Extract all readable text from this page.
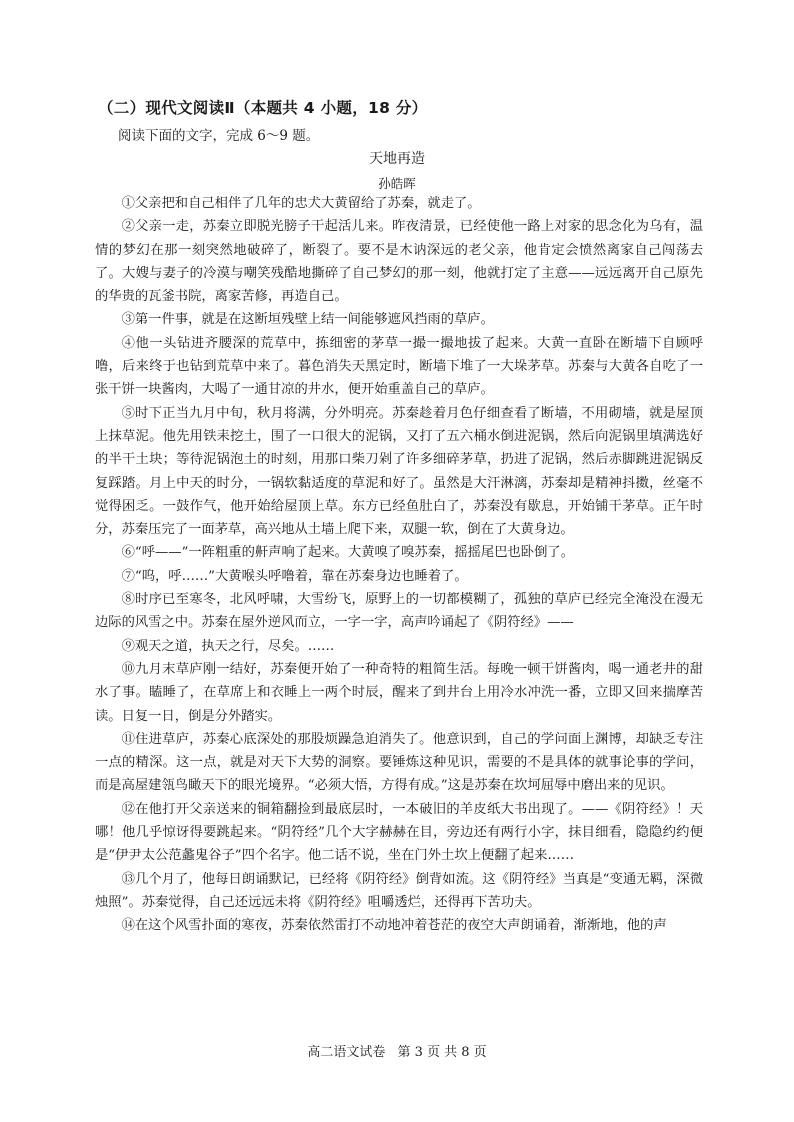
（二）现代文阅读Ⅱ（本题共 4 小题，18 分）
阅读下面的文字，完成 6～9 题。
天地再造
孙皓晖

①父亲把和自己相伴了几年的忠犬大黄留给了苏秦，就走了。

②父亲一走，苏秦立即脱光膀子干起活儿来。昨夜清景，已经使他一路上对家的思念化为乌有，温情的梦幻在那一刻突然地破碎了，断裂了。要不是木讷深远的老父亲，他肯定会愤然离家自己闯荡去了。大嫂与妻子的冷漠与嘲笑残酷地撕碎了自己梦幻的那一刻，他就打定了主意——远远离开自己原先的华贵的瓦釜书院，离家苦修，再造自己。

③第一件事，就是在这断垣残壁上结一间能够遮风挡雨的草庐。

④他一头钻进齐腰深的荒草中，拣细密的茅草一撮一撮地拔了起来。大黄一直卧在断墙下自顾呼噜，后来终于也钻到荒草中来了。暮色消失天黑定时，断墙下堆了一大垛茅草。苏秦与大黄各自吃了一张干饼一块酱肉，大喝了一通甘凉的井水，便开始重盖自己的草庐。

⑤时下正当九月中旬，秋月将满，分外明亮。苏秦趁着月色仔细查看了断墙，不用砌墙，就是屋顶上抹草泥。他先用铁耒挖土，围了一口很大的泥锅，又打了五六桶水倒进泥锅，然后向泥锅里填满选好的半干土块；等待泥锅泡土的时刻，用那口柴刀剁了许多细碎茅草，扔进了泥锅，然后赤脚跳进泥锅反复踩踏。月上中天的时分，一锅软黏适度的草泥和好了。虽然是大汗淋漓，苏秦却是精神抖擞，丝毫不觉得困乏。一鼓作气，他开始给屋顶上草。东方已经鱼肚白了，苏秦没有歇息，开始铺干茅草。正午时分，苏秦压完了一面茅草，高兴地从土墙上爬下来，双腿一软，倒在了大黄身边。

⑥“呼——”一阵粗重的鼾声响了起来。大黄嗅了嗅苏秦，摇摇尾巴也卧倒了。

⑦“呜，呼……”大黄喉头呼噜着，靠在苏秦身边也睡着了。

⑧时序已至寒冬，北风呼啸，大雪纷飞，原野上的一切都模糊了，孤独的草庐已经完全淹没在漫无边际的风雪之中。苏秦在屋外逆风而立，一字一字，高声吟诵起了《阴符经》——

⑨观天之道，执天之行，尽矣。……

⑩九月末草庐刚一结好，苏秦便开始了一种奇特的粗简生活。每晚一顿干饼酱肉，喝一通老井的甜水了事。瞌睡了，在草席上和衣睡上一两个时辰，醒来了到井台上用冷水冲洗一番，立即又回来揣摩苦读。日复一日，倒是分外踏实。

⑪住进草庐，苏秦心底深处的那股烦躁急迫消失了。他意识到，自己的学问面上渊博，却缺乏专注一点的精深。这一点，就是对天下大势的洞察。要锤炼这种见识，需要的不是具体的就事论事的学问，而是高屋建瓴鸟瞰天下的眼光境界。“必须大悟，方得有成。”这是苏秦在坎坷屈辱中磨出来的见识。

⑫在他打开父亲送来的铜箱翻捡到最底层时，一本破旧的羊皮纸大书出现了。——《阴符经》！天哪！他几乎惊讶得要跳起来。“阴符经”几个大字赫赫在目，旁边还有两行小字，抹目细看，隐隐约约便是“伊尹太公范蠡鬼谷子”四个名字。他二话不说，坐在门外土坎上便翻了起来……

⑬几个月了，他每日朗诵默记，已经将《阴符经》倒背如流。这《阴符经》当真是“变通无羁，深微烛照”。苏秦觉得，自己还远远未将《阴符经》咀嚼透烂，还得再下苦功夫。

⑭在这个风雪扑面的寒夜，苏秦依然雷打不动地冲着苍茫的夜空大声朗诵着，渐渐地，他的声

高二语文试卷 第 3 页 共 8 页
